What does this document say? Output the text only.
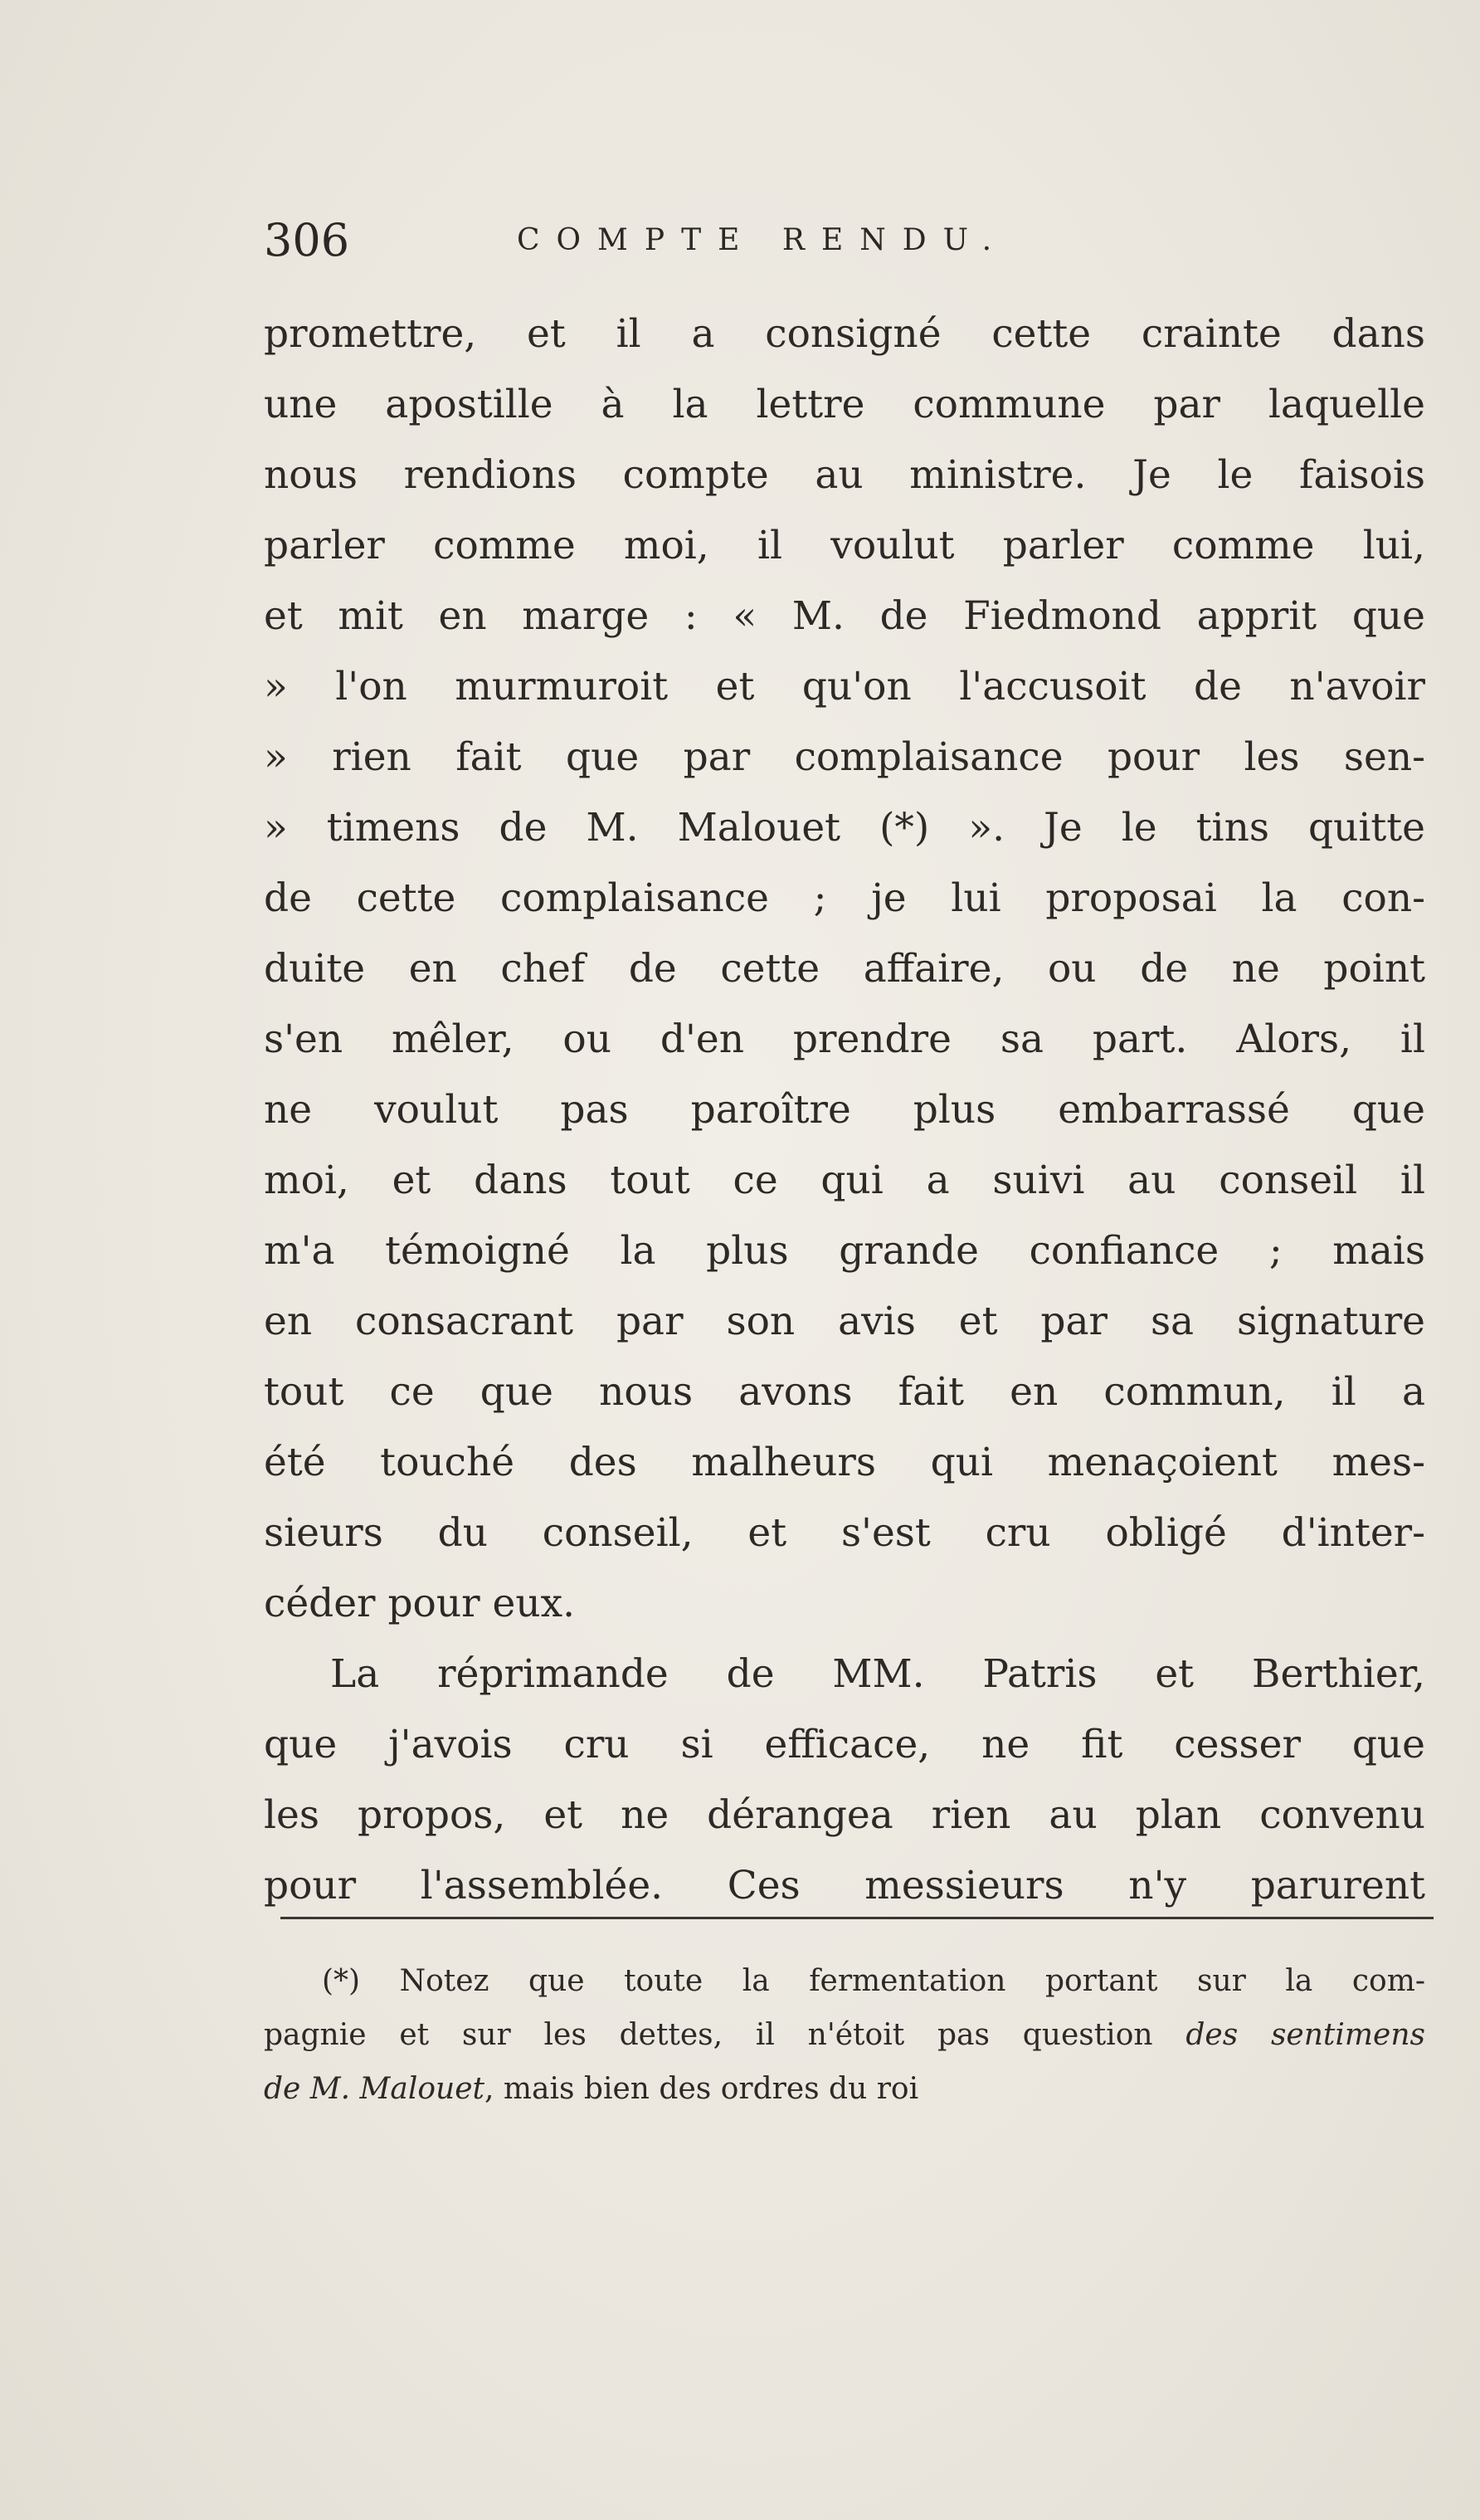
306	COMPTE RENDU.
promettre, et il a consigné cette crainte dans
une apostille à la lettre commune par laquelle
nous rendions compte au ministre. Je le faisois
parler comme moi, il voulut parler comme lui,
et mit en marge : « M. de Fiedmond apprit que
» l'on murmuroit et qu'on l'accusoit de n'avoir
» rien fait que par complaisance pour les sen-
» timens de M. Malouet (*) ». Je le tins quitte
de cette complaisance ; je lui proposai la con-
duite en chef de cette affaire, ou de ne point
s'en mêler, ou d'en prendre sa part. Alors, il
ne voulut pas paroître plus embarrassé que
moi, et dans tout ce qui a suivi au conseil il
m'a témoigné la plus grande confiance ; mais
en consacrant par son avis et par sa signature
tout ce que nous avons fait en commun, il a
été touché des malheurs qui menaçoient mes-
sieurs du conseil, et s'est cru obligé d'inter-
céder pour eux.
La réprimande de MM. Patris et Berthier,
que j'avois cru si efficace, ne fit cesser que
les propos, et ne dérangea rien au plan convenu
pour l'assemblée. Ces messieurs n'y parurent
(*) Notez que toute la fermentation portant sur la com-
pagnie et sur les dettes, il n'étoit pas question des sentimens
de M. Malouet, mais bien des ordres du roi
